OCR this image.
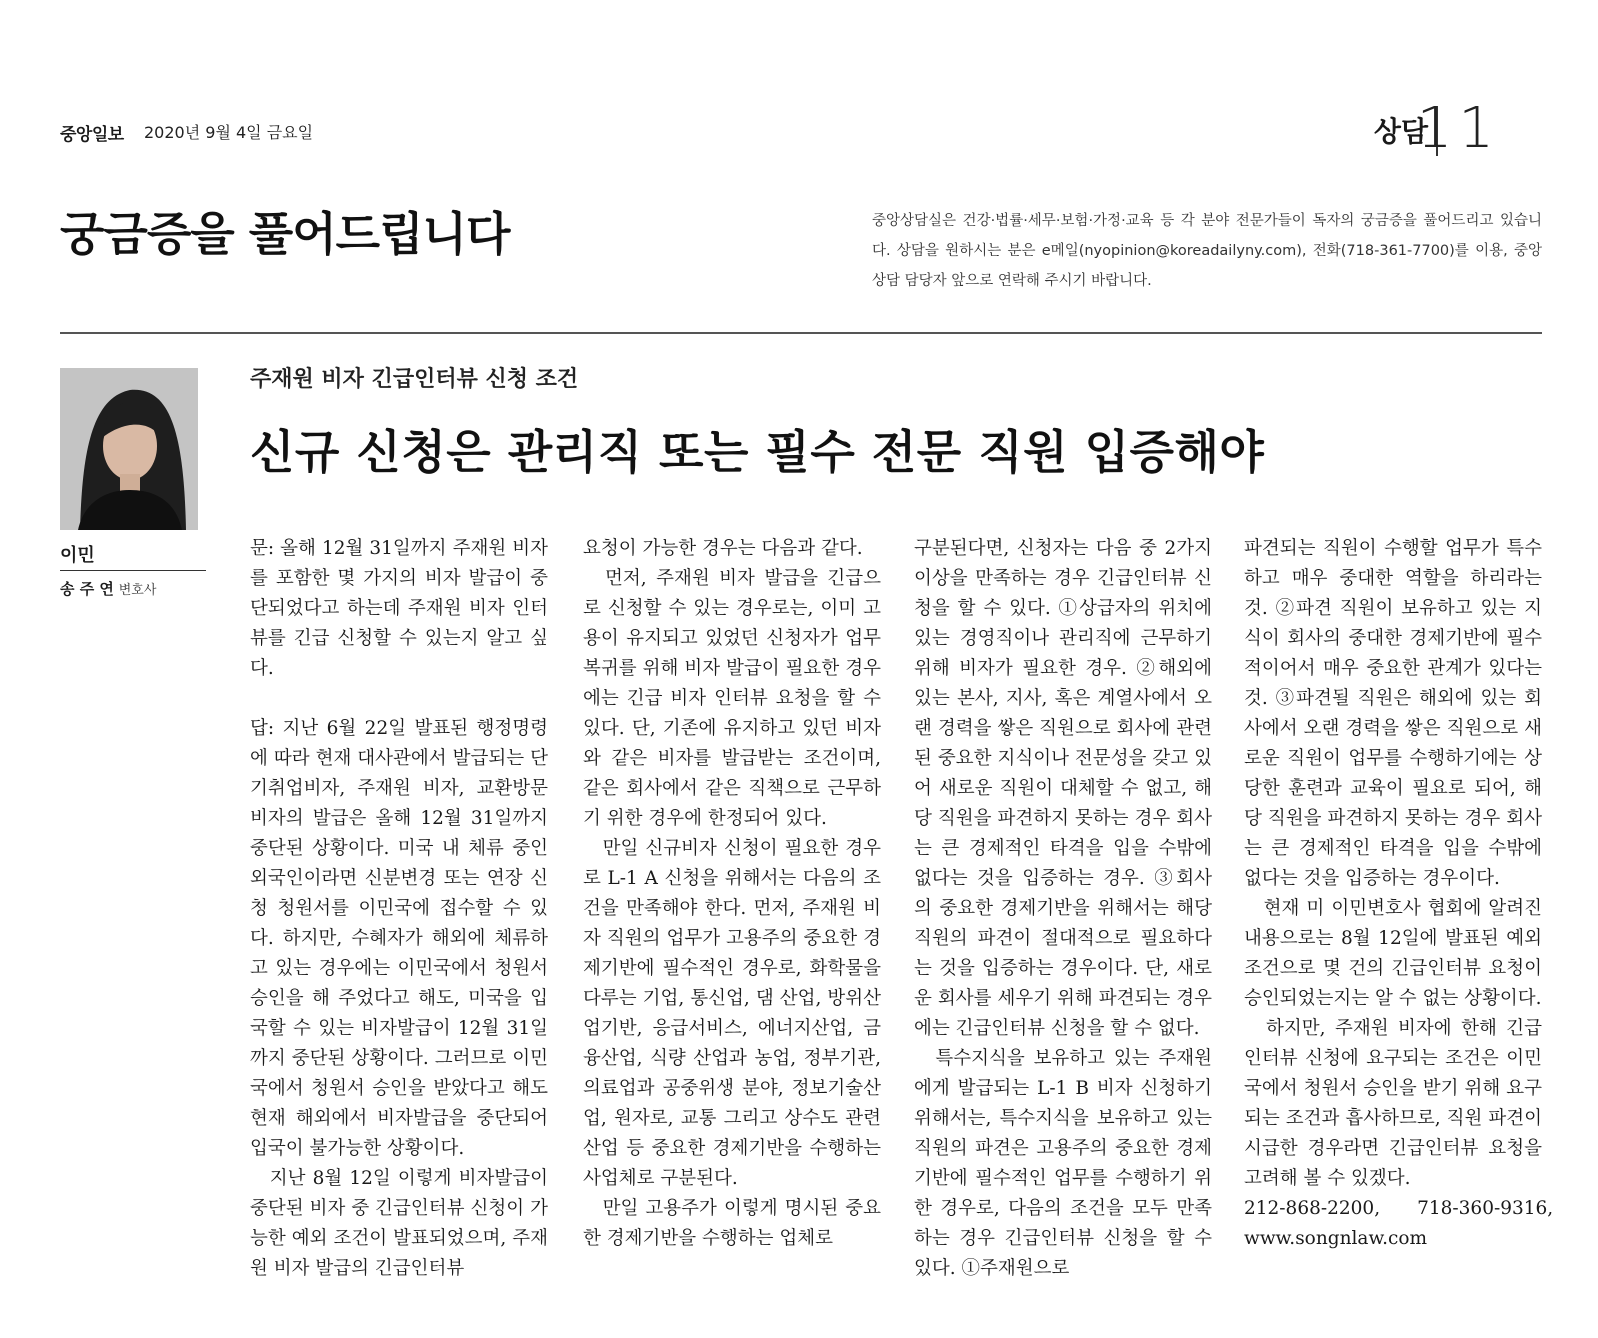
중앙일보 2020년 9월 4일 금요일	상담
11
궁금증을 풀어드립니다	중앙상담실은 건강·법률·세무·보험·가정·교육 등 각 분야 전문가들이 독자의 궁금증을 풀어드리고 있습니다. 상담을 원하시는 분은 e메일(nyopinion@koreadailyny.com), 전화(718-361-7700)를 이용, 중앙상담 담당자 앞으로 연락해 주시기 바랍니다.
이민
송 주 연 변호사
주재원 비자 긴급인터뷰 신청 조건
신규 신청은 관리직 또는 필수 전문 직원 입증해야

문: 올해 12월 31일까지 주재원 비자를 포함한 몇 가지의 비자 발급이 중단되었다고 하는데 주재원 비자 인터뷰를 긴급 신청할 수 있는지 알고 싶다.

답: 지난 6월 22일 발표된 행정명령에 따라 현재 대사관에서 발급되는 단기취업비자, 주재원 비자, 교환방문 비자의 발급은 올해 12월 31일까지 중단된 상황이다. 미국 내 체류 중인 외국인이라면 신분변경 또는 연장 신청 청원서를 이민국에 접수할 수 있다. 하지만, 수혜자가 해외에 체류하고 있는 경우에는 이민국에서 청원서 승인을 해 주었다고 해도, 미국을 입국할 수 있는 비자발급이 12월 31일까지 중단된 상황이다. 그러므로 이민국에서 청원서 승인을 받았다고 해도 현재 해외에서 비자발급을 중단되어 입국이 불가능한 상황이다.

　지난 8월 12일 이렇게 비자발급이 중단된 비자 중 긴급인터뷰 신청이 가능한 예외 조건이 발표되었으며, 주재원 비자 발급의 긴급인터뷰

요청이 가능한 경우는 다음과 같다.

　먼저, 주재원 비자 발급을 긴급으로 신청할 수 있는 경우로는, 이미 고용이 유지되고 있었던 신청자가 업무 복귀를 위해 비자 발급이 필요한 경우에는 긴급 비자 인터뷰 요청을 할 수 있다. 단, 기존에 유지하고 있던 비자와 같은 비자를 발급받는 조건이며, 같은 회사에서 같은 직책으로 근무하기 위한 경우에 한정되어 있다.

　만일 신규비자 신청이 필요한 경우로 L-1 A 신청을 위해서는 다음의 조건을 만족해야 한다. 먼저, 주재원 비자 직원의 업무가 고용주의 중요한 경제기반에 필수적인 경우로, 화학물을 다루는 기업, 통신업, 댐 산업, 방위산업기반, 응급서비스, 에너지산업, 금융산업, 식량 산업과 농업, 정부기관, 의료업과 공중위생 분야, 정보기술산업, 원자로, 교통 그리고 상수도 관련 산업 등 중요한 경제기반을 수행하는 사업체로 구분된다.

　만일 고용주가 이렇게 명시된 중요한 경제기반을 수행하는 업체로

구분된다면, 신청자는 다음 중 2가지 이상을 만족하는 경우 긴급인터뷰 신청을 할 수 있다. ①상급자의 위치에 있는 경영직이나 관리직에 근무하기 위해 비자가 필요한 경우. ②해외에 있는 본사, 지사, 혹은 계열사에서 오랜 경력을 쌓은 직원으로 회사에 관련된 중요한 지식이나 전문성을 갖고 있어 새로운 직원이 대체할 수 없고, 해당 직원을 파견하지 못하는 경우 회사는 큰 경제적인 타격을 입을 수밖에 없다는 것을 입증하는 경우. ③회사의 중요한 경제기반을 위해서는 해당 직원의 파견이 절대적으로 필요하다는 것을 입증하는 경우이다. 단, 새로운 회사를 세우기 위해 파견되는 경우에는 긴급인터뷰 신청을 할 수 없다.

　특수지식을 보유하고 있는 주재원에게 발급되는 L-1 B 비자 신청하기 위해서는, 특수지식을 보유하고 있는 직원의 파견은 고용주의 중요한 경제기반에 필수적인 업무를 수행하기 위한 경우로, 다음의 조건을 모두 만족하는 경우 긴급인터뷰 신청을 할 수 있다. ①주재원으로

파견되는 직원이 수행할 업무가 특수하고 매우 중대한 역할을 하리라는 것. ②파견 직원이 보유하고 있는 지식이 회사의 중대한 경제기반에 필수적이어서 매우 중요한 관계가 있다는 것. ③파견될 직원은 해외에 있는 회사에서 오랜 경력을 쌓은 직원으로 새로운 직원이 업무를 수행하기에는 상당한 훈련과 교육이 필요로 되어, 해당 직원을 파견하지 못하는 경우 회사는 큰 경제적인 타격을 입을 수밖에 없다는 것을 입증하는 경우이다.

　현재 미 이민변호사 협회에 알려진 내용으로는 8월 12일에 발표된 예외조건으로 몇 건의 긴급인터뷰 요청이 승인되었는지는 알 수 없는 상황이다.

　하지만, 주재원 비자에 한해 긴급인터뷰 신청에 요구되는 조건은 이민국에서 청원서 승인을 받기 위해 요구되는 조건과 흡사하므로, 직원 파견이 시급한 경우라면 긴급인터뷰 요청을 고려해 볼 수 있겠다.

212-868-2200,　　718-360-9316,

www.songnlaw.com
